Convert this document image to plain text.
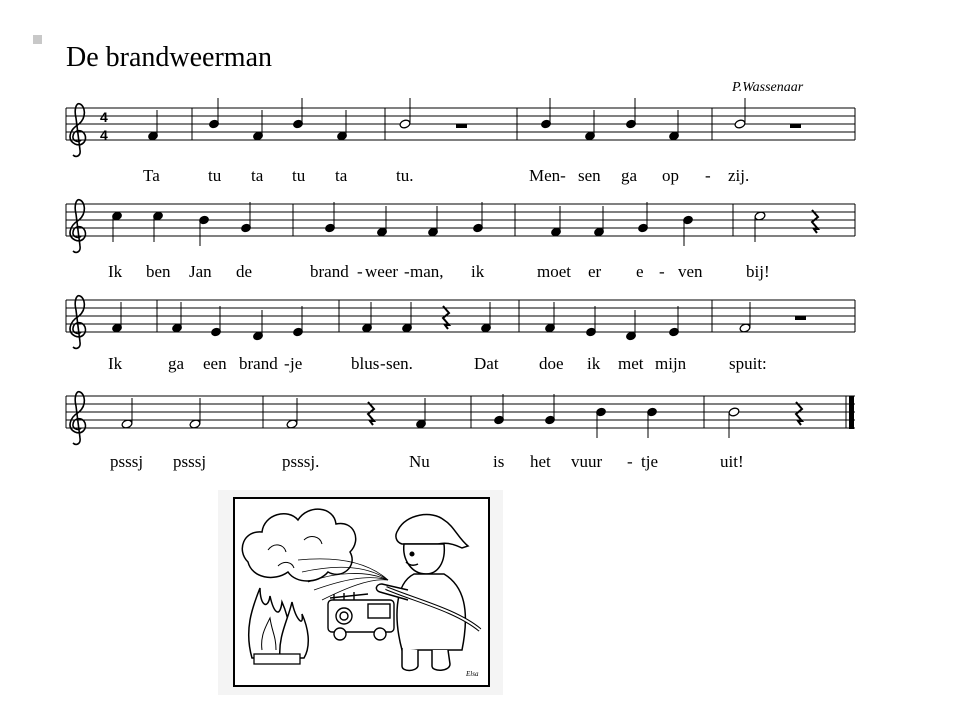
De brandweerman
P.Wassenaar
4
4
Ta	tu ta tu ta	tu.	Men- sen ga op - zij.
Ik ben Jan de	brand - weer - man, ik	moet er e - ven	bij!
Ik	ga een brand - je	blus - sen.	Dat doe ik met mijn	spuit:
psssj psssj	psssj.	Nu	is het vuur - tje	uit!
Elsa
